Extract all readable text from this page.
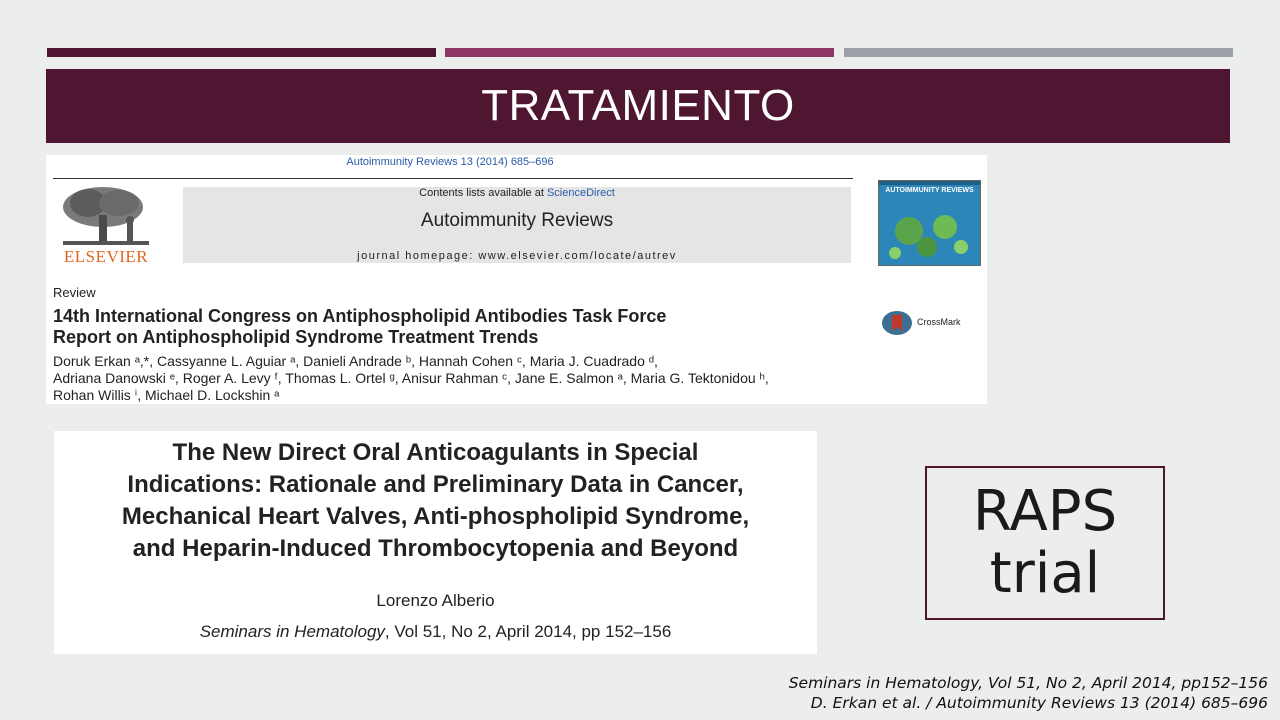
TRATAMIENTO
Autoimmunity Reviews 13 (2014) 685–696
ELSEVIER
Contents lists available at ScienceDirect
Autoimmunity Reviews
journal homepage: www.elsevier.com/locate/autrev
AUTOIMMUNITY REVIEWS
Review
14th International Congress on Antiphospholipid Antibodies Task Force
Report on Antiphospholipid Syndrome Treatment Trends
CrossMark
Doruk Erkan ᵃ,*, Cassyanne L. Aguiar ᵃ, Danieli Andrade ᵇ, Hannah Cohen ᶜ, Maria J. Cuadrado ᵈ,
Adriana Danowski ᵉ, Roger A. Levy ᶠ, Thomas L. Ortel ᵍ, Anisur Rahman ᶜ, Jane E. Salmon ᵃ, Maria G. Tektonidou ʰ,
Rohan Willis ⁱ, Michael D. Lockshin ᵃ
The New Direct Oral Anticoagulants in Special
Indications: Rationale and Preliminary Data in Cancer,
Mechanical Heart Valves, Anti-phospholipid Syndrome,
and Heparin-Induced Thrombocytopenia and Beyond
Lorenzo Alberio
Seminars in Hematology, Vol 51, No 2, April 2014, pp 152–156
RAPS
trial
Seminars in Hematology, Vol 51, No 2, April 2014, pp152–156
D. Erkan et al. / Autoimmunity Reviews 13 (2014) 685–696
